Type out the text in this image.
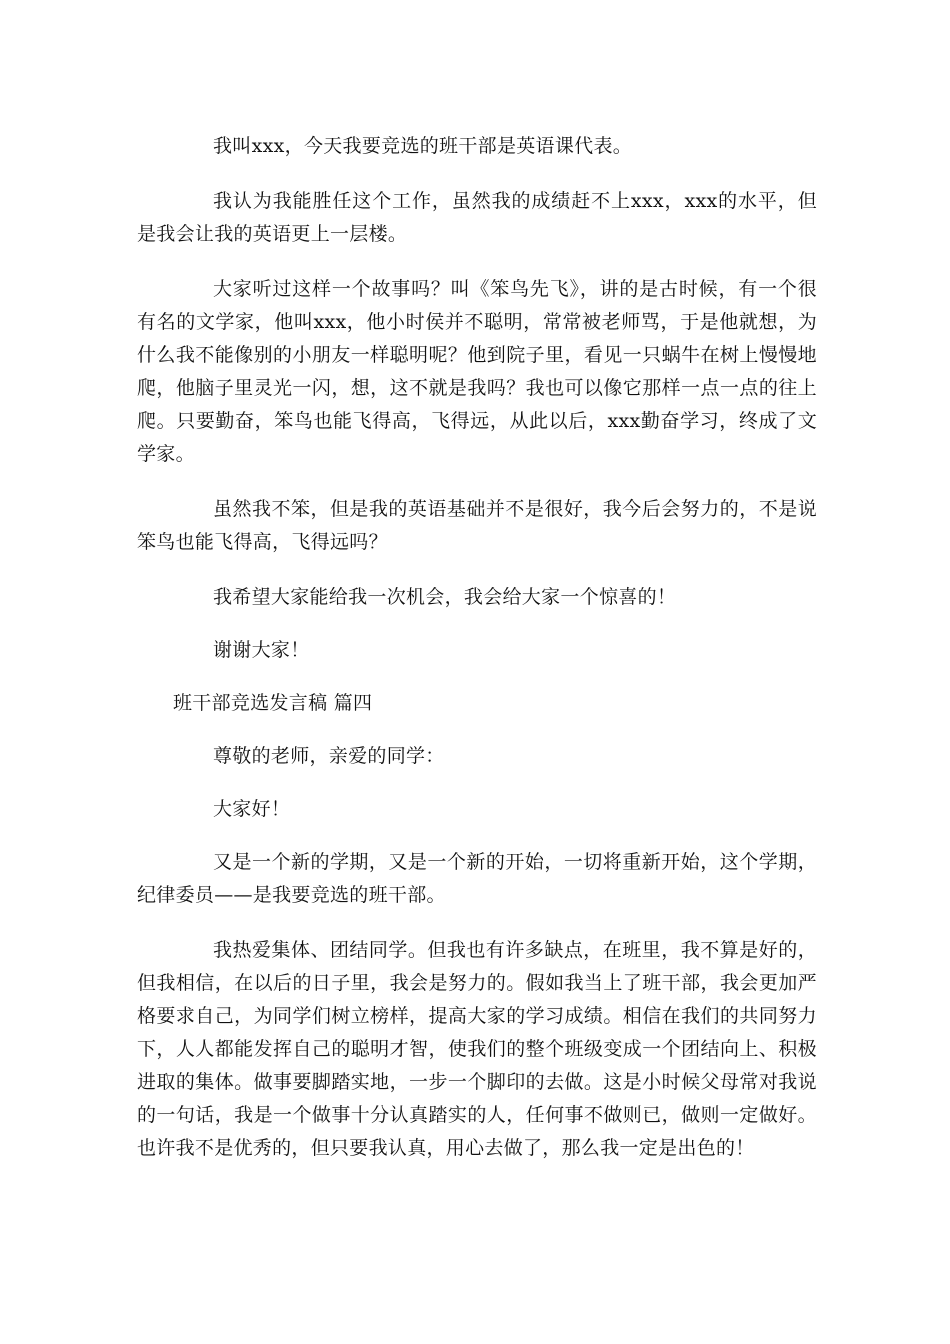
我叫xxx，今天我要竞选的班干部是英语课代表。

我认为我能胜任这个工作，虽然我的成绩赶不上xxx，xxx的水平，但是我会让我的英语更上一层楼。

大家听过这样一个故事吗？叫《笨鸟先飞》，讲的是古时候，有一个很有名的文学家，他叫xxx，他小时侯并不聪明，常常被老师骂，于是他就想，为什么我不能像别的小朋友一样聪明呢？他到院子里，看见一只蜗牛在树上慢慢地爬，他脑子里灵光一闪，想，这不就是我吗？我也可以像它那样一点一点的往上爬。只要勤奋，笨鸟也能飞得高，飞得远，从此以后，xxx勤奋学习，终成了文学家。

虽然我不笨，但是我的英语基础并不是很好，我今后会努力的，不是说笨鸟也能飞得高，飞得远吗？

我希望大家能给我一次机会，我会给大家一个惊喜的！

谢谢大家！

班干部竞选发言稿 篇四

尊敬的老师，亲爱的同学：

大家好！

又是一个新的学期，又是一个新的开始，一切将重新开始，这个学期，纪律委员——是我要竞选的班干部。

我热爱集体、团结同学。但我也有许多缺点，在班里，我不算是好的，但我相信，在以后的日子里，我会是努力的。假如我当上了班干部，我会更加严格要求自己，为同学们树立榜样，提高大家的学习成绩。相信在我们的共同努力下，人人都能发挥自己的聪明才智，使我们的整个班级变成一个团结向上、积极进取的集体。做事要脚踏实地，一步一个脚印的去做。这是小时候父母常对我说的一句话，我是一个做事十分认真踏实的人，任何事不做则已，做则一定做好。也许我不是优秀的，但只要我认真，用心去做了，那么我一定是出色的！
